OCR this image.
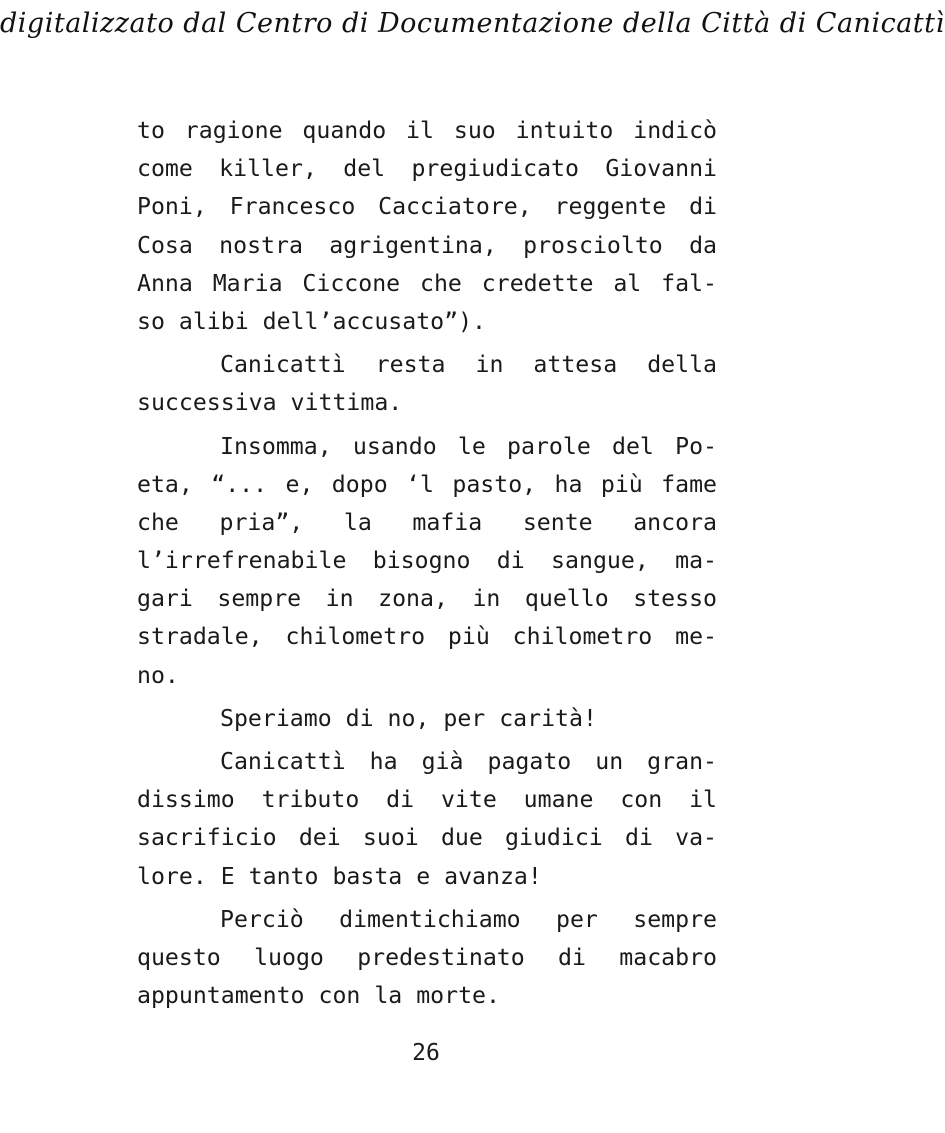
digitalizzato dal Centro di Documentazione della Città di Canicattì
to ragione quando il suo intuito indicò
come killer, del pregiudicato Giovanni
Poni, Francesco Cacciatore, reggente di
Cosa nostra agrigentina, prosciolto da
Anna Maria Ciccone che credette al fal-
so alibi dell’accusato”).
Canicattì resta in attesa della
successiva vittima.
Insomma, usando le parole del Po-
eta, “... e, dopo ‘l pasto, ha più fame
che pria”, la mafia sente ancora
l’irrefrenabile bisogno di sangue, ma-
gari sempre in zona, in quello stesso
stradale, chilometro più chilometro me-
no.
Speriamo di no, per carità!
Canicattì ha già pagato un gran-
dissimo tributo di vite umane con il
sacrificio dei suoi due giudici di va-
lore. E tanto basta e avanza!
Perciò dimentichiamo per sempre
questo luogo predestinato di macabro
appuntamento con la morte.
26
